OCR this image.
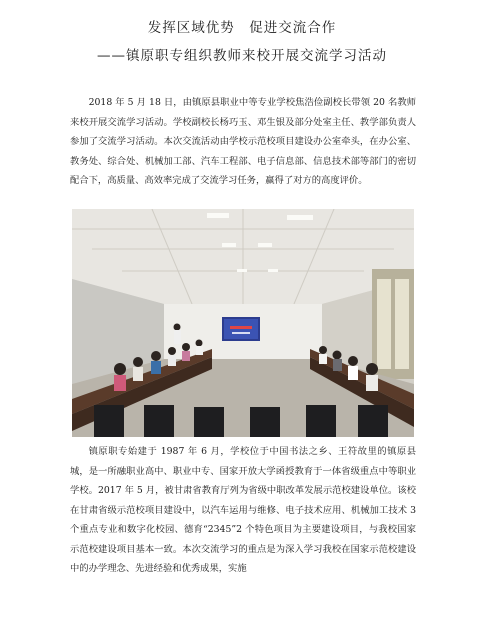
发挥区域优势　促进交流合作
——镇原职专组织教师来校开展交流学习活动

2018 年 5 月 18 日，由镇原县职业中等专业学校焦浩俭副校长带领 20 名教师来校开展交流学习活动。学校副校长杨巧玉、邓生银及部分处室主任、教学部负责人参加了交流学习活动。本次交流活动由学校示范校项目建设办公室牵头，在办公室、教务处、综合处、机械加工部、汽车工程部、电子信息部、信息技术部等部门的密切配合下，高质量、高效率完成了交流学习任务，赢得了对方的高度评价。

镇原职专始建于 1987 年 6 月，学校位于中国书法之乡、王符故里的镇原县城，是一所融职业高中、职业中专、国家开放大学函授教育于一体省级重点中等职业学校。2017 年 5 月，被甘肃省教育厅列为省级中职改革发展示范校建设单位。该校在甘肃省级示范校项目建设中，以汽车运用与维修、电子技术应用、机械加工技术 3 个重点专业和数字化校园、德育“2345”2 个特色项目为主要建设项目，与我校国家示范校建设项目基本一致。本次交流学习的重点是为深入学习我校在国家示范校建设中的办学理念、先进经验和优秀成果，实施
